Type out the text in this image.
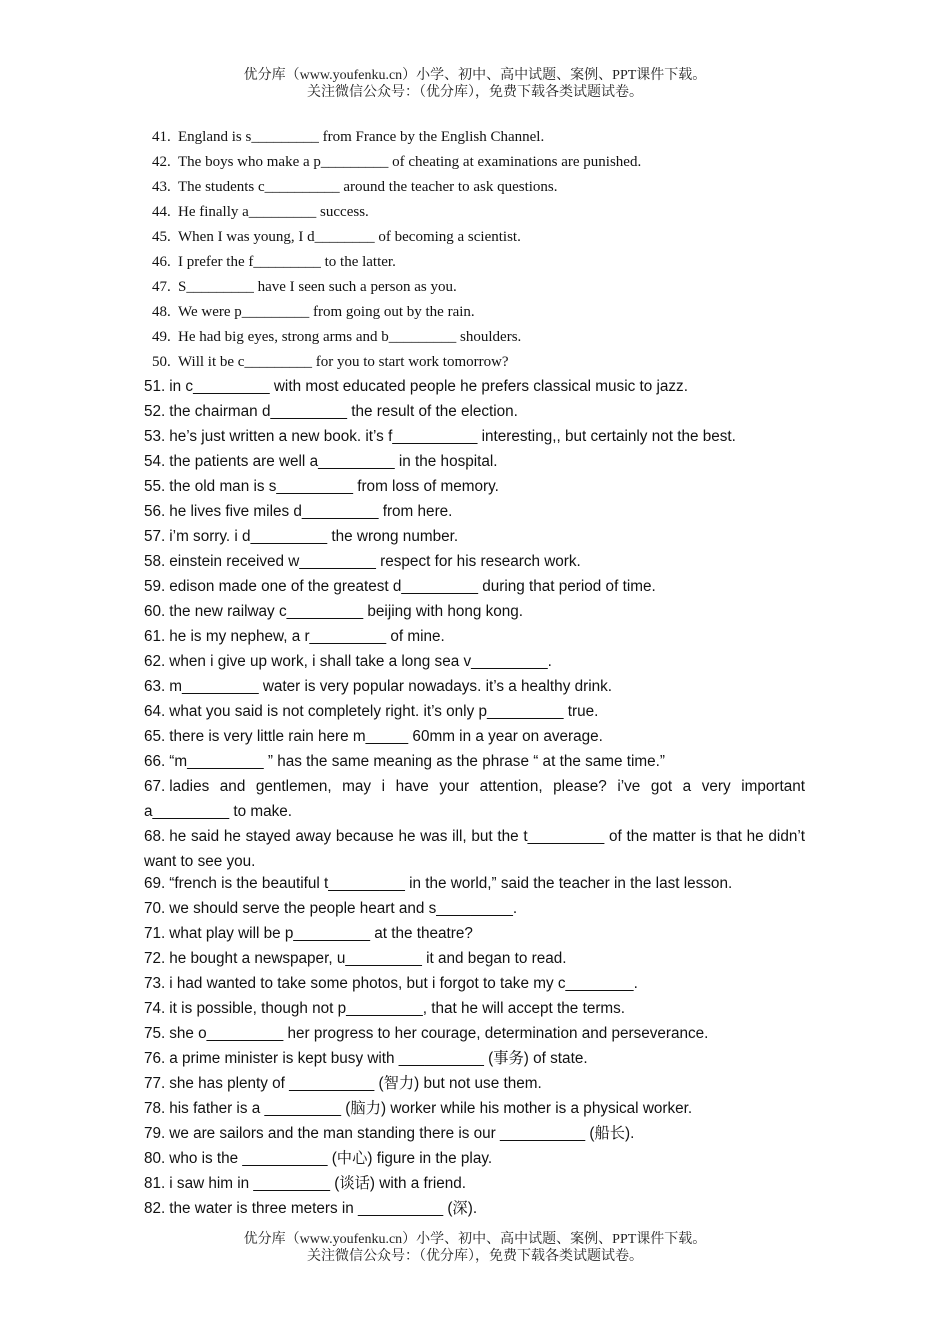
优分库（www.youfenku.cn）小学、初中、高中试题、案例、PPT课件下载。
关注微信公众号：（优分库），免费下载各类试题试卷。
41. England is s_________ from France by the English Channel.
42. The boys who make a p_________ of cheating at examinations are punished.
43. The students c__________ around the teacher to ask questions.
44. He finally a_________ success.
45. When I was young, I d________ of becoming a scientist.
46. I prefer the f_________ to the latter.
47. S_________ have I seen such a person as you.
48. We were p_________ from going out by the rain.
49. He had big eyes, strong arms and b_________ shoulders.
50. Will it be c_________ for you to start work tomorrow?
51. in c_________ with most educated people he prefers classical music to jazz.
52. the chairman d_________ the result of the election.
53. he’s just written a new book. it’s f__________ interesting,, but certainly not the best.
54. the patients are well a_________ in the hospital.
55. the old man is s_________ from loss of memory.
56. he lives five miles d_________ from here.
57. i’m sorry. i d_________ the wrong number.
58. einstein received w_________ respect for his research work.
59. edison made one of the greatest d_________ during that period of time.
60. the new railway c_________ beijing with hong kong.
61. he is my nephew, a r_________ of mine.
62. when i give up work, i shall take a long sea v_________.
63. m_________ water is very popular nowadays. it’s a healthy drink.
64. what you said is not completely right. it’s only p_________ true.
65. there is very little rain here m_____ 60mm in a year on average.
66. “m_________ ” has the same meaning as the phrase “ at the same time.”
67. ladies and gentlemen, may i have your attention, please? i’ve got a very important a_________ to make.
68. he said he stayed away because he was ill, but the t_________ of the matter is that he didn’t want to see you.
69. “french is the beautiful t_________ in the world,” said the teacher in the last lesson.
70. we should serve the people heart and s_________.
71. what play will be p_________ at the theatre?
72. he bought a newspaper, u_________ it and began to read.
73. i had wanted to take some photos, but i forgot to take my c________.
74. it is possible, though not p_________, that he will accept the terms.
75. she o_________ her progress to her courage, determination and perseverance.
76. a prime minister is kept busy with __________ (事务) of state.
77. she has plenty of __________ (智力) but not use them.
78. his father is a _________ (脑力) worker while his mother is a physical worker.
79. we are sailors and the man standing there is our __________ (船长).
80. who is the __________ (中心) figure in the play.
81. i saw him in _________ (谈话) with a friend.
82. the water is three meters in __________ (深).
优分库（www.youfenku.cn）小学、初中、高中试题、案例、PPT课件下载。
关注微信公众号：（优分库），免费下载各类试题试卷。
